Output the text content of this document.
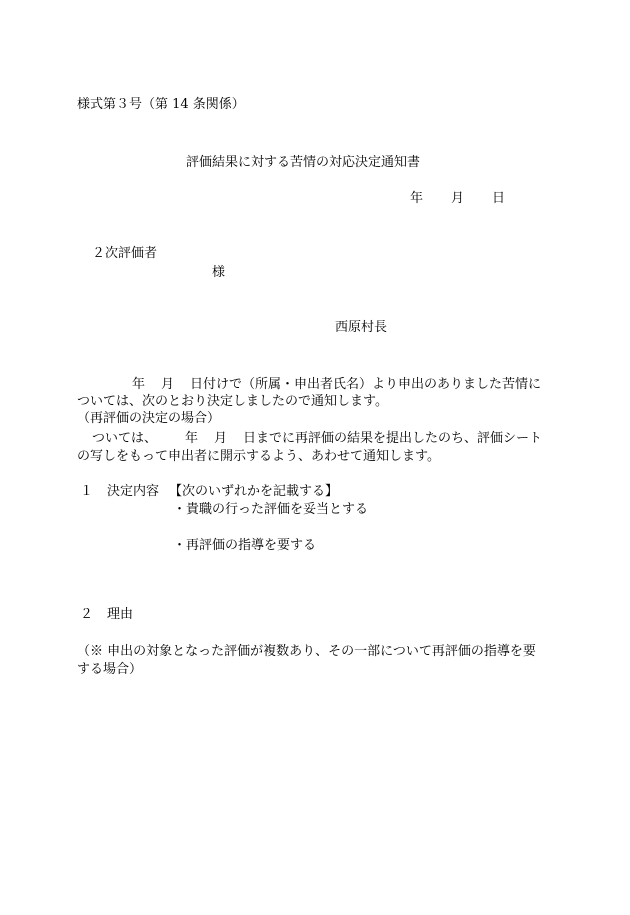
様式第３号（第 14 条関係）
評価結果に対する苦情の対応決定通知書
年 月 日
２次評価者
様
西原村長
年 月 日付けで（所属・申出者氏名）より申出のありました苦情に
ついては、次のとおり決定しましたので通知します。
（再評価の決定の場合）
ついては、 年 月 日までに再評価の結果を提出したのち、評価シート
の写しをもって申出者に開示するよう、あわせて通知します。
１ 決定内容 【次のいずれかを記載する】
・貴職の行った評価を妥当とする
・再評価の指導を要する
２ 理由
（※ 申出の対象となった評価が複数あり、その一部について再評価の指導を要
する場合）
